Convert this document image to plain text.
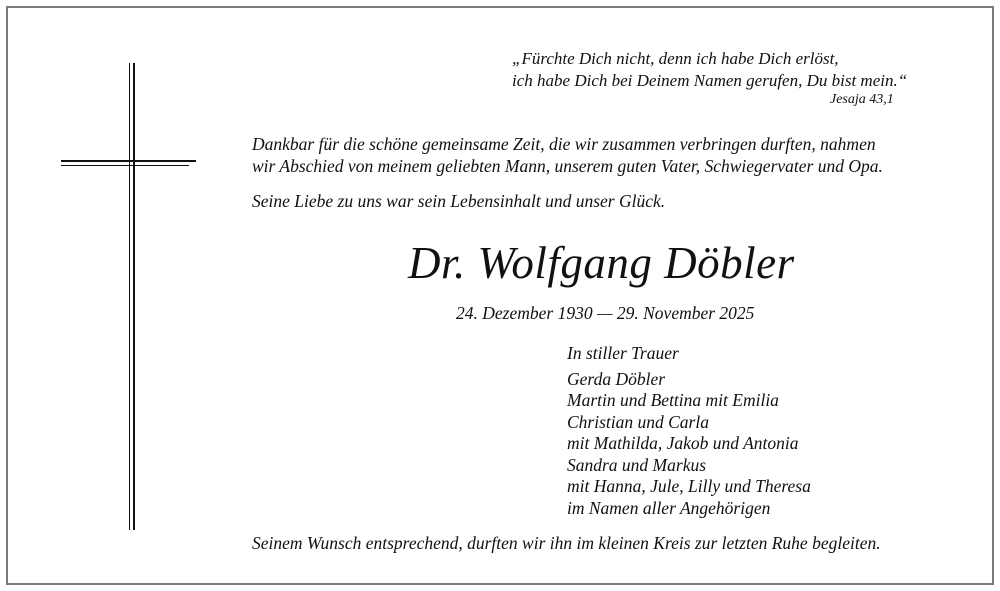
„Fürchte Dich nicht, denn ich habe Dich erlöst,
ich habe Dich bei Deinem Namen gerufen, Du bist mein.“
Jesaja 43,1
Dankbar für die schöne gemeinsame Zeit, die wir zusammen verbringen durften, nahmen
wir Abschied von meinem geliebten Mann, unserem guten Vater, Schwiegervater und Opa.
Seine Liebe zu uns war sein Lebensinhalt und unser Glück.
Dr. Wolfgang Döbler
24. Dezember 1930 — 29. November 2025
In stiller Trauer
Gerda Döbler
Martin und Bettina mit Emilia
Christian und Carla
mit Mathilda, Jakob und Antonia
Sandra und Markus
mit Hanna, Jule, Lilly und Theresa
im Namen aller Angehörigen
Seinem Wunsch entsprechend, durften wir ihn im kleinen Kreis zur letzten Ruhe begleiten.
